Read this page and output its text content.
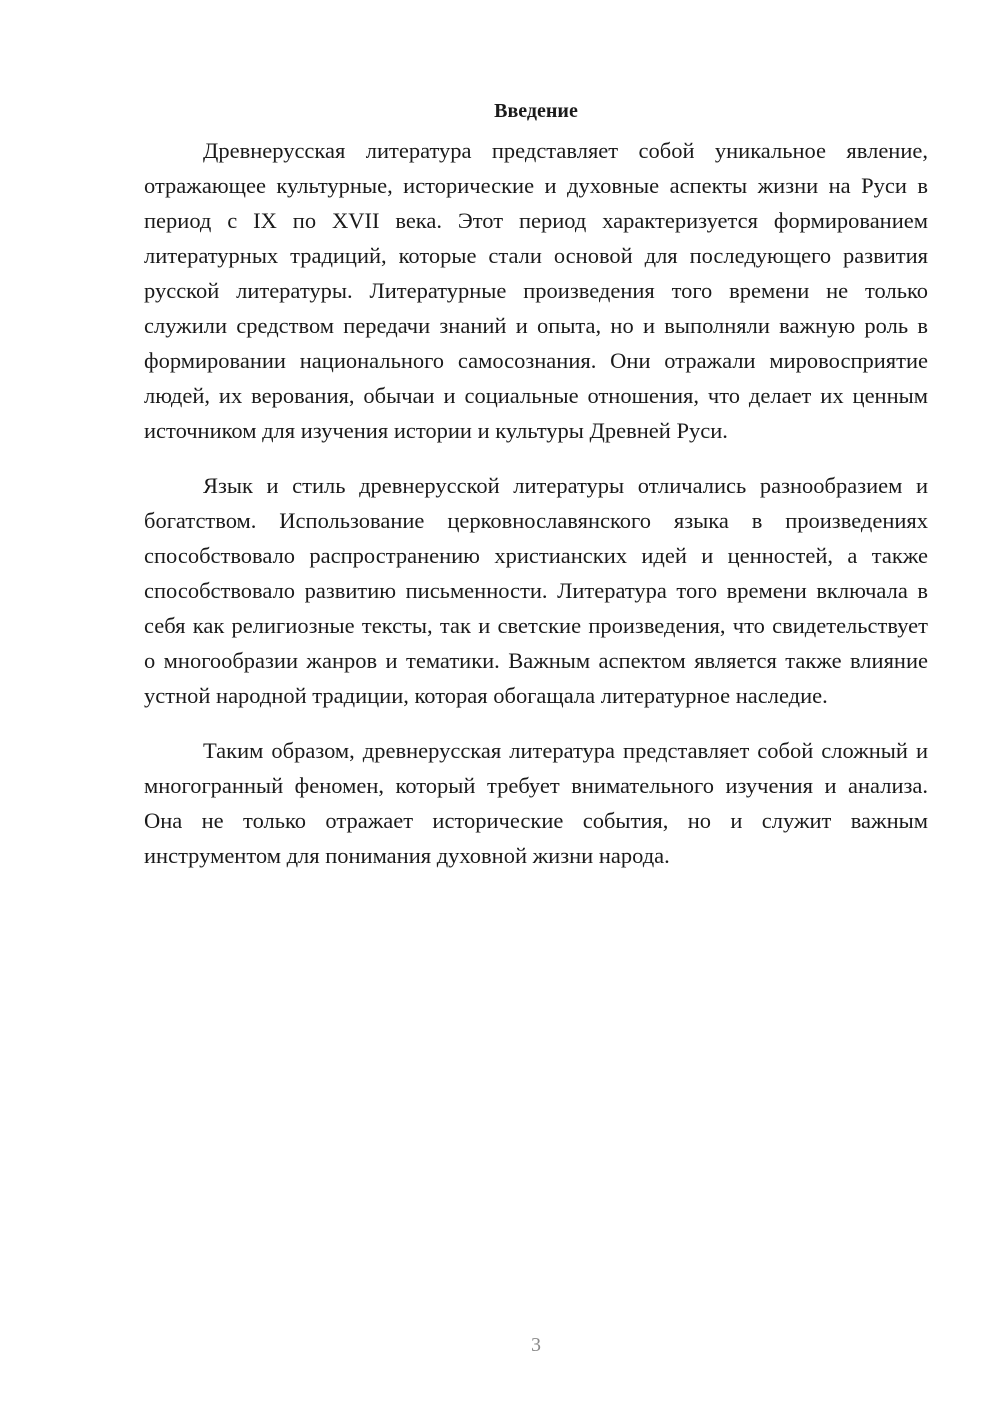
Введение

Древнерусская литература представляет собой уникальное явление, отражающее культурные, исторические и духовные аспекты жизни на Руси в период с IX по XVII века. Этот период характеризуется формированием литературных традиций, которые стали основой для последующего развития русской литературы. Литературные произведения того времени не только служили средством передачи знаний и опыта, но и выполняли важную роль в формировании национального самосознания. Они отражали мировосприятие людей, их верования, обычаи и социальные отношения, что делает их ценным источником для изучения истории и культуры Древней Руси.

Язык и стиль древнерусской литературы отличались разнообразием и богатством. Использование церковнославянского языка в произведениях способствовало распространению христианских идей и ценностей, а также способствовало развитию письменности. Литература того времени включала в себя как религиозные тексты, так и светские произведения, что свидетельствует о многообразии жанров и тематики. Важным аспектом является также влияние устной народной традиции, которая обогащала литературное наследие.

Таким образом, древнерусская литература представляет собой сложный и многогранный феномен, который требует внимательного изучения и анализа. Она не только отражает исторические события, но и служит важным инструментом для понимания духовной жизни народа.

3
